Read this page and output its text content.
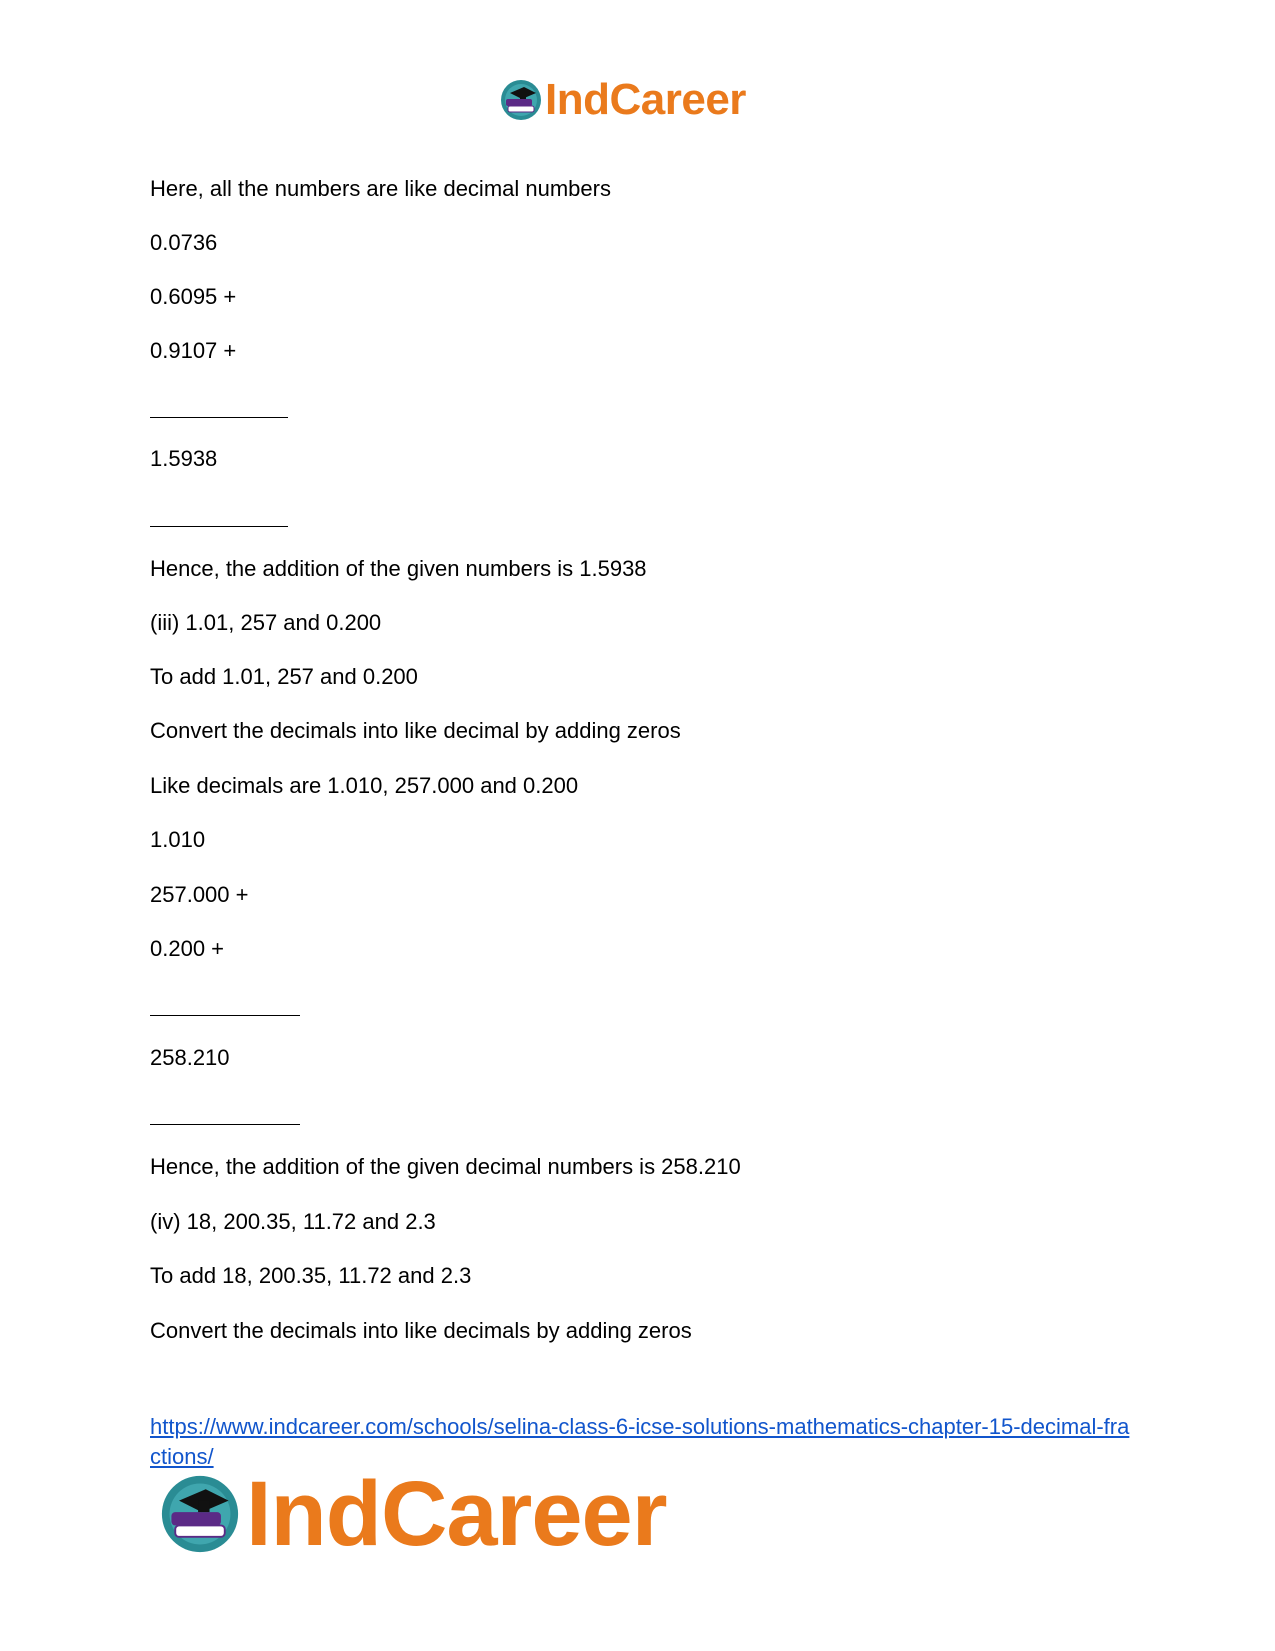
IndCareer
Here, all the numbers are like decimal numbers
0.0736
0.6095 +
0.9107 +
1.5938
Hence, the addition of the given numbers is 1.5938
(iii) 1.01, 257 and 0.200
To add 1.01, 257 and 0.200
Convert the decimals into like decimal by adding zeros
Like decimals are 1.010, 257.000 and 0.200
1.010
257.000 +
0.200 +
258.210
Hence, the addition of the given decimal numbers is 258.210
(iv) 18, 200.35, 11.72 and 2.3
To add 18, 200.35, 11.72 and 2.3
Convert the decimals into like decimals by adding zeros
https://www.indcareer.com/schools/selina-class-6-icse-solutions-mathematics-chapter-15-decimal-fractions/
IndCareer
